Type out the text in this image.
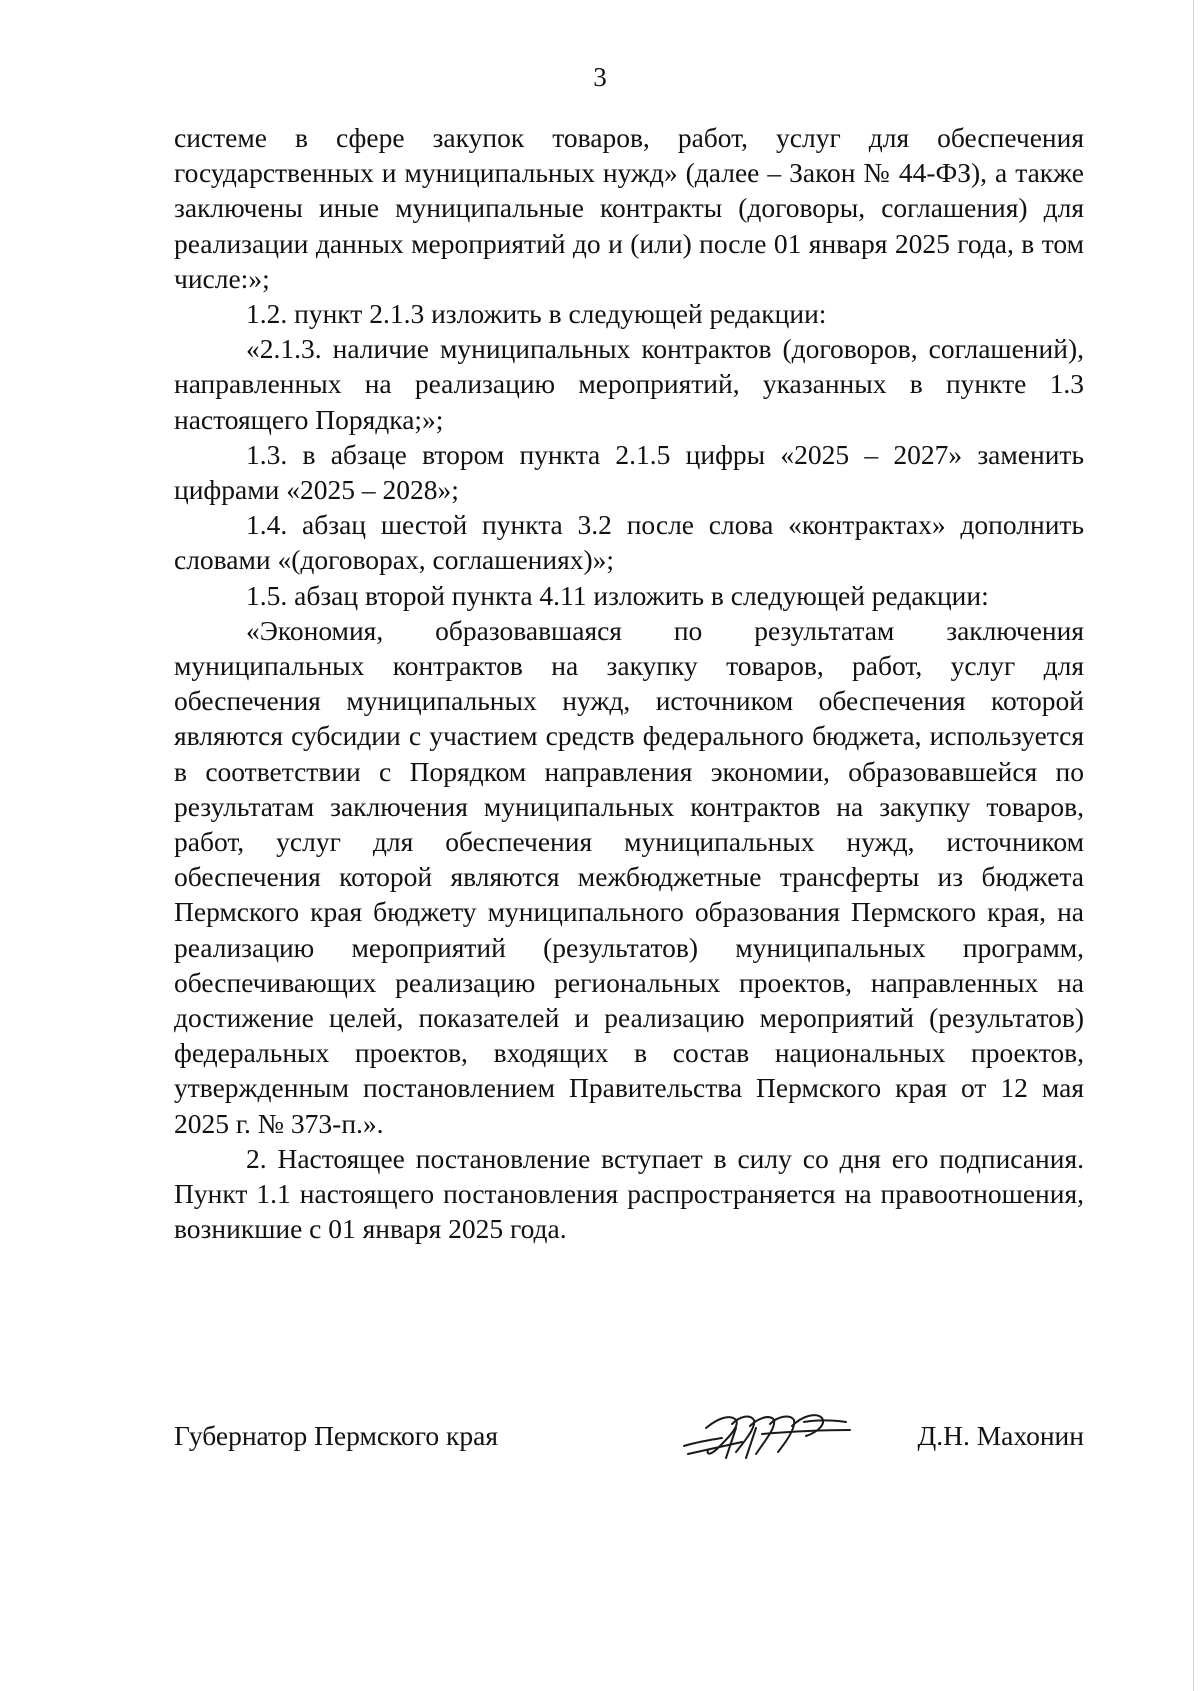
3

системе в сфере закупок товаров, работ, услуг для обеспечения государственных и муниципальных нужд» (далее – Закон № 44-ФЗ), а также заключены иные муниципальные контракты (договоры, соглашения) для реализации данных мероприятий до и (или) после 01 января 2025 года, в том числе:»;

1.2. пункт 2.1.3 изложить в следующей редакции:

«2.1.3. наличие муниципальных контрактов (договоров, соглашений), направленных на реализацию мероприятий, указанных в пункте 1.3 настоящего Порядка;»;

1.3. в абзаце втором пункта 2.1.5 цифры «2025 – 2027» заменить цифрами «2025 – 2028»;

1.4. абзац шестой пункта 3.2 после слова «контрактах» дополнить словами «(договорах, соглашениях)»;

1.5. абзац второй пункта 4.11 изложить в следующей редакции:

«Экономия, образовавшаяся по результатам заключения муниципальных контрактов на закупку товаров, работ, услуг для обеспечения муниципальных нужд, источником обеспечения которой являются субсидии с участием средств федерального бюджета, используется в соответствии с Порядком направления экономии, образовавшейся по результатам заключения муниципальных контрактов на закупку товаров, работ, услуг для обеспечения муниципальных нужд, источником обеспечения которой являются межбюджетные трансферты из бюджета Пермского края бюджету муниципального образования Пермского края, на реализацию мероприятий (результатов) муниципальных программ, обеспечивающих реализацию региональных проектов, направленных на достижение целей, показателей и реализацию мероприятий (результатов) федеральных проектов, входящих в состав национальных проектов, утвержденным постановлением Правительства Пермского края от 12 мая 2025 г. № 373-п.».

2. Настоящее постановление вступает в силу со дня его подписания. Пункт 1.1 настоящего постановления распространяется на правоотношения, возникшие с 01 января 2025 года.

Губернатор Пермского края	Д.Н. Махонин
